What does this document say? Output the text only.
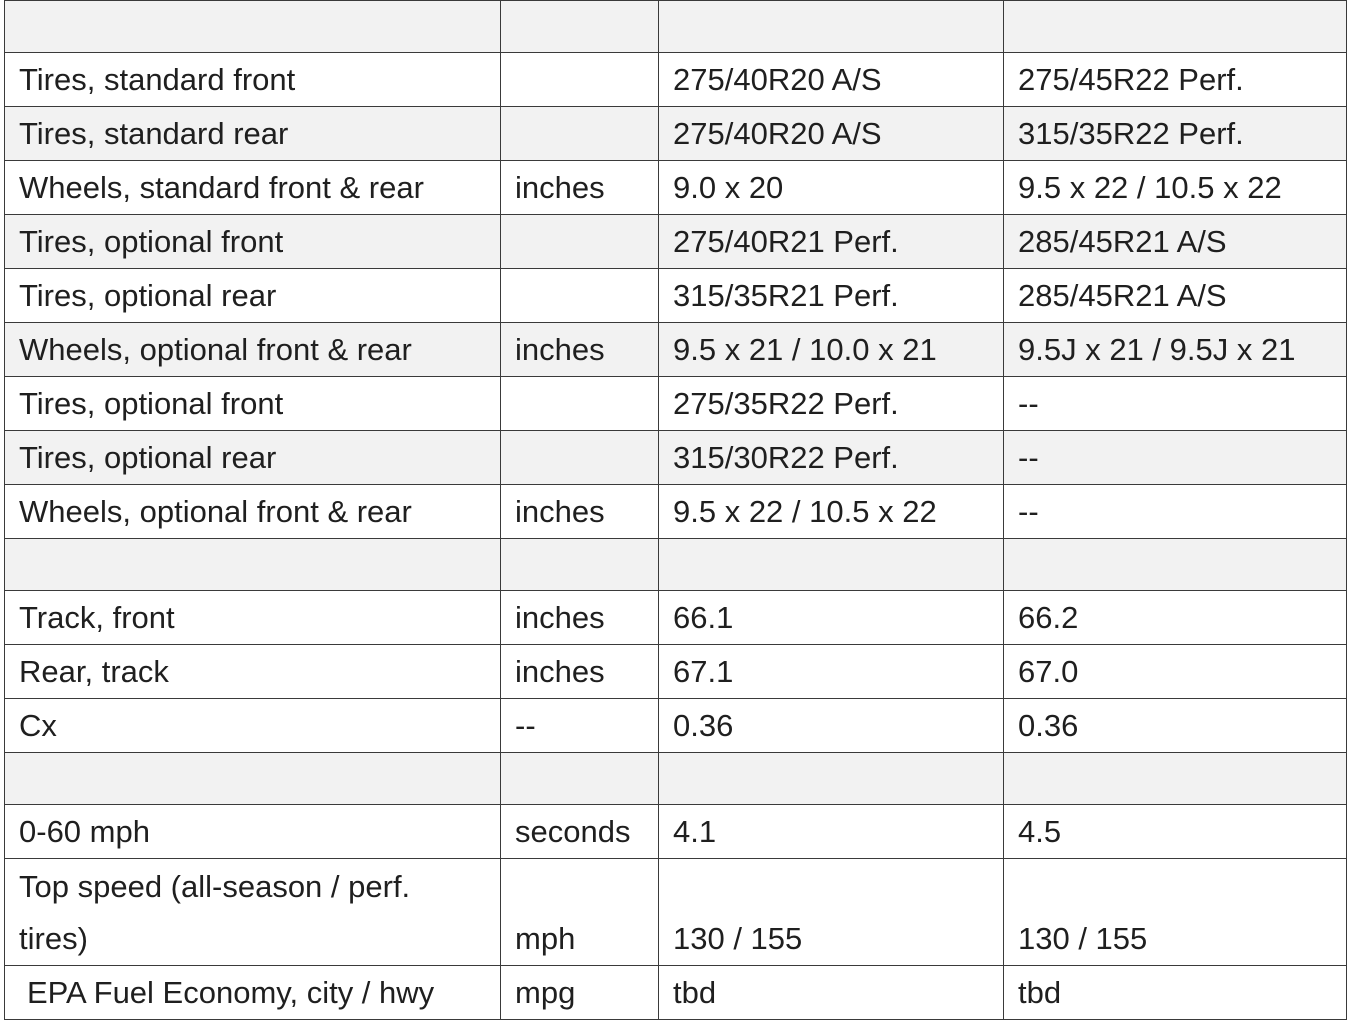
Tires, standard front		275/40R20 A/S	275/45R22 Perf.
Tires, standard rear		275/40R20 A/S	315/35R22 Perf.
Wheels, standard front & rear	inches	9.0 x 20	9.5 x 22 / 10.5 x 22
Tires, optional front		275/40R21 Perf.	285/45R21 A/S
Tires, optional rear		315/35R21 Perf.	285/45R21 A/S
Wheels, optional front & rear	inches	9.5 x 21 / 10.0 x 21	9.5J x 21 / 9.5J x 21
Tires, optional front		275/35R22 Perf.	--
Tires, optional rear		315/30R22 Perf.	--
Wheels, optional front & rear	inches	9.5 x 22 / 10.5 x 22	--

Track, front	inches	66.1	66.2
Rear, track	inches	67.1	67.0
Cx	--	0.36	0.36

0-60 mph	seconds	4.1	4.5
Top speed (all-season / perf. tires)	mph	130 / 155	130 / 155
EPA Fuel Economy, city / hwy	mpg	tbd	tbd
